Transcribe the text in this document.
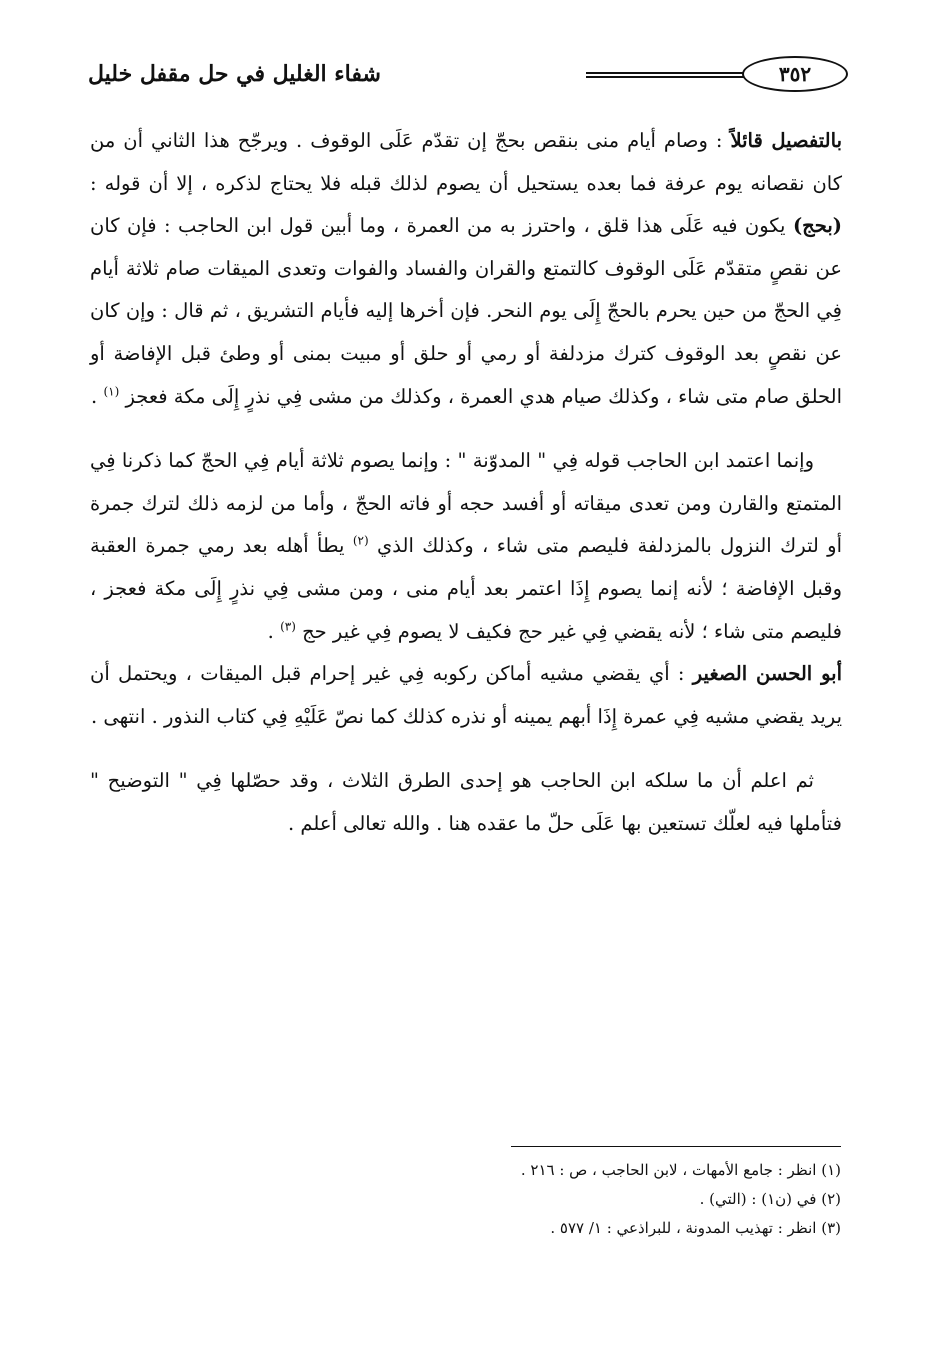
٣٥٢
شفاء الغليل في حل مقفل خليل

بالتفصيل قائلاً : وصام أيام منى بنقص بحجّ إن تقدّم عَلَى الوقوف . ويرجّح هذا الثاني أن من كان نقصانه يوم عرفة فما بعده يستحيل أن يصوم لذلك قبله فلا يحتاج لذكره ، إلا أن قوله : (بحج) يكون فيه عَلَى هذا قلق ، واحترز به من العمرة ، وما أبين قول ابن الحاجب : فإن كان عن نقصٍ متقدّم عَلَى الوقوف كالتمتع والقران والفساد والفوات وتعدى الميقات صام ثلاثة أيام فِي الحجّ من حين يحرم بالحجّ إِلَى يوم النحر. فإن أخرها إليه فأيام التشريق ، ثم قال : وإن كان عن نقصٍ بعد الوقوف كترك مزدلفة أو رمي أو حلق أو مبيت بمنى أو وطئ قبل الإفاضة أو الحلق صام متى شاء ، وكذلك صيام هدي العمرة ، وكذلك من مشى فِي نذرٍ إِلَى مكة فعجز $^{(١)}$ .

وإنما اعتمد ابن الحاجب قوله فِي " المدوّنة " : وإنما يصوم ثلاثة أيام فِي الحجّ كما ذكرنا فِي المتمتع والقارن ومن تعدى ميقاته أو أفسد حجه أو فاته الحجّ ، وأما من لزمه ذلك لترك جمرة أو لترك النزول بالمزدلفة فليصم متى شاء ، وكذلك الذي $^{(٢)}$ يطأ أهله بعد رمي جمرة العقبة وقبل الإفاضة ؛ لأنه إنما يصوم إِذَا اعتمر بعد أيام منى ، ومن مشى فِي نذرٍ إِلَى مكة فعجز ، فليصم متى شاء ؛ لأنه يقضي فِي غير حج فكيف لا يصوم فِي غير حج $^{(٣)}$ .

أبو الحسن الصغير : أي يقضي مشيه أماكن ركوبه فِي غير إحرام قبل الميقات ، ويحتمل أن يريد يقضي مشيه فِي عمرة إِذَا أبهم يمينه أو نذره كذلك كما نصّ عَلَيْهِ فِي كتاب النذور . انتهى .

ثم اعلم أن ما سلكه ابن الحاجب هو إحدى الطرق الثلاث ، وقد حصّلها فِي " التوضيح " فتأملها فيه لعلّك تستعين بها عَلَى حلّ ما عقده هنا . والله تعالى أعلم .

(١) انظر : جامع الأمهات ، لابن الحاجب ، ص : ٢١٦ .

(٢) في (ن١) : (التي) .

(٣) انظر : تهذيب المدونة ، للبراذعي : ١/ ٥٧٧ .
